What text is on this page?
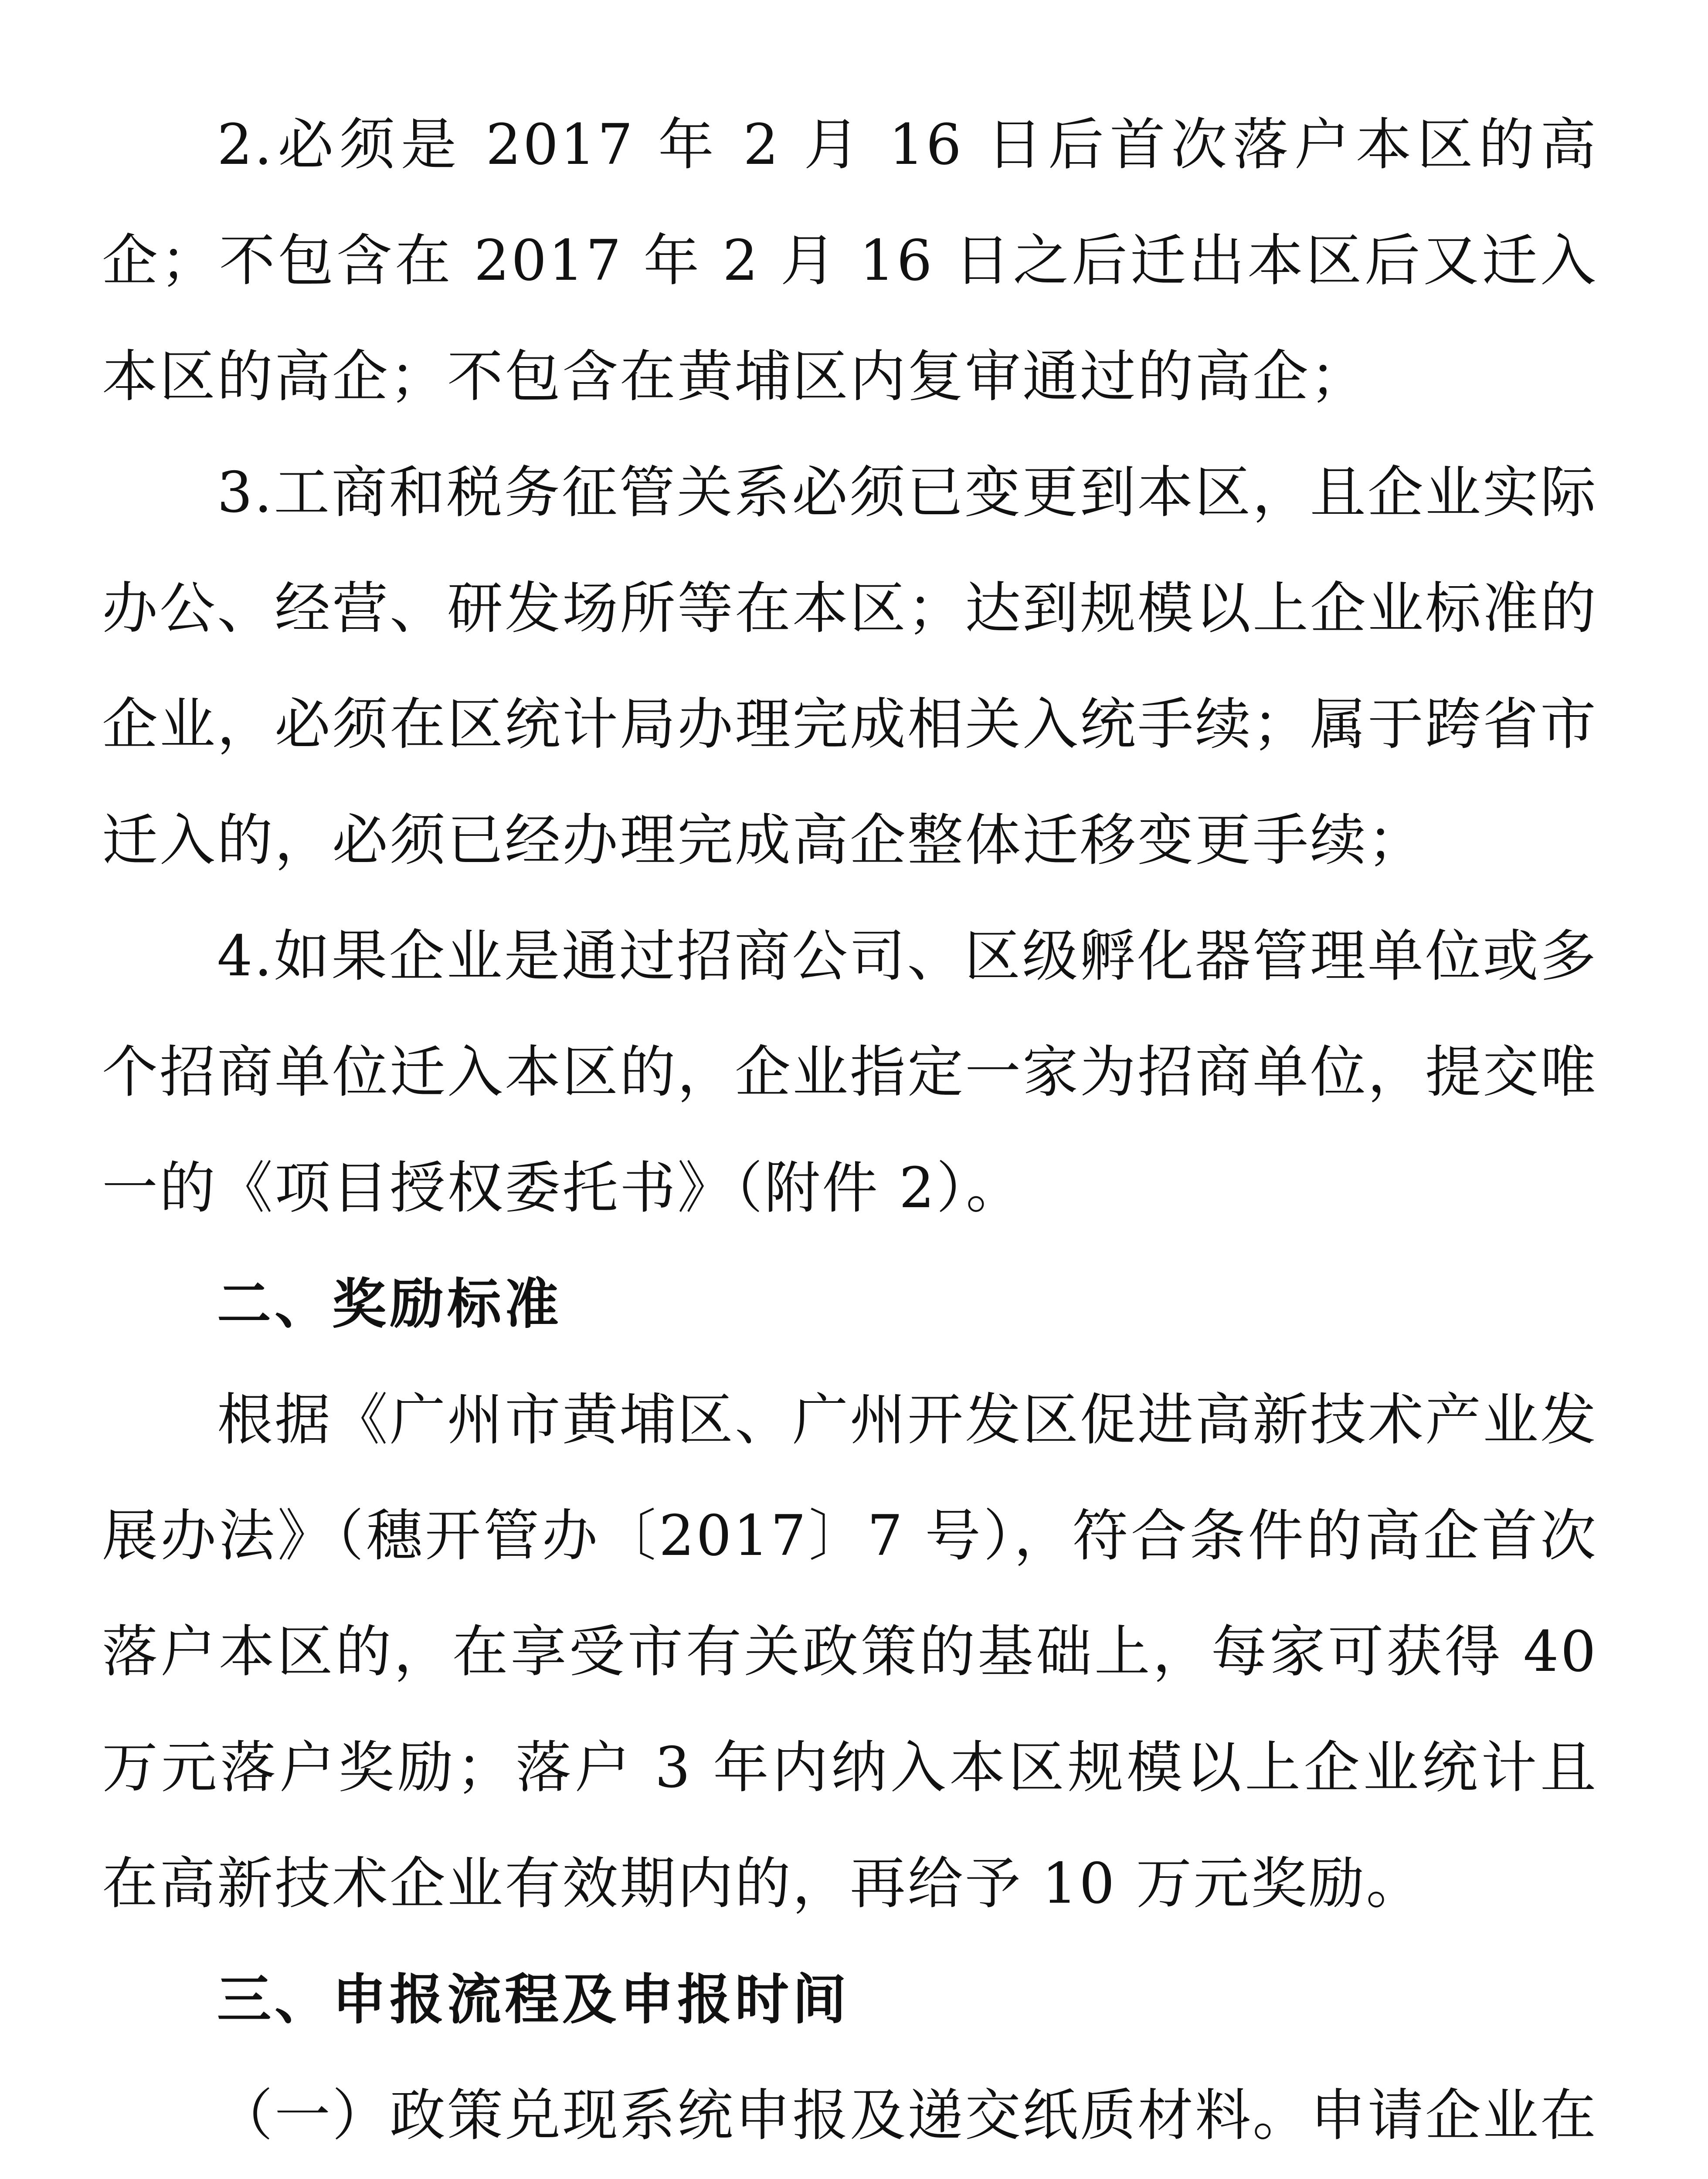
2.必须是 2017 年 2 月 16 日后首次落户本区的高企；不包含在 2017 年 2 月 16 日之后迁出本区后又迁入本区的高企；不包含在黄埔区内复审通过的高企；

3.工商和税务征管关系必须已变更到本区，且企业实际办公、经营、研发场所等在本区；达到规模以上企业标准的企业，必须在区统计局办理完成相关入统手续；属于跨省市迁入的，必须已经办理完成高企整体迁移变更手续；

4.如果企业是通过招商公司、区级孵化器管理单位或多个招商单位迁入本区的，企业指定一家为招商单位，提交唯一的《项目授权委托书》（附件 2）。

二、奖励标准

根据《广州市黄埔区、广州开发区促进高新技术产业发展办法》（穗开管办〔2017〕7 号），符合条件的高企首次落户本区的，在享受市有关政策的基础上，每家可获得 40 万元落户奖励；落户 3 年内纳入本区规模以上企业统计且在高新技术企业有效期内的，再给予 10 万元奖励。

三、申报流程及申报时间

（一）政策兑现系统申报及递交纸质材料。申请企业在
